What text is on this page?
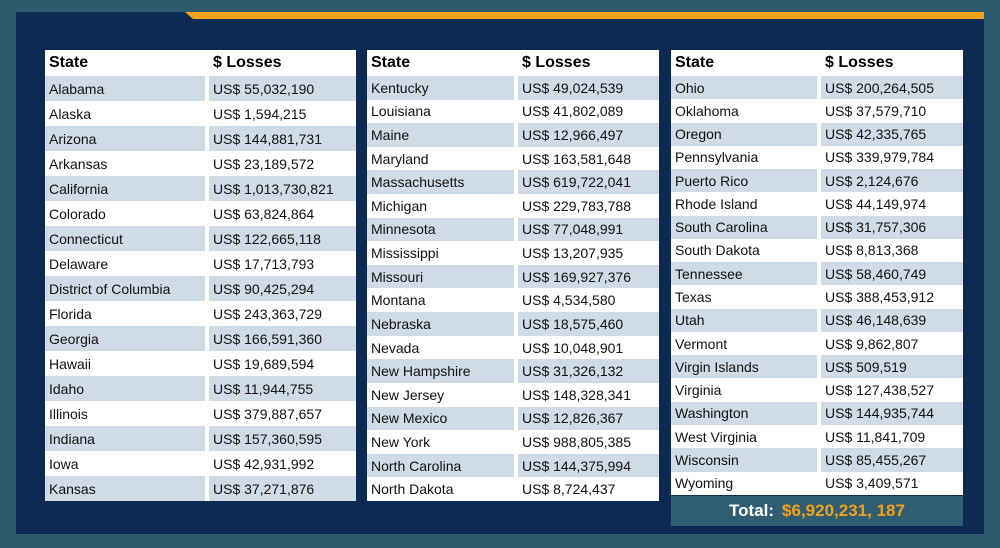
State	$ Losses
Alabama	US$ 55,032,190
Alaska	US$ 1,594,215
Arizona	US$ 144,881,731
Arkansas	US$ 23,189,572
California	US$ 1,013,730,821
Colorado	US$ 63,824,864
Connecticut	US$ 122,665,118
Delaware	US$ 17,713,793
District of Columbia	US$ 90,425,294
Florida	US$ 243,363,729
Georgia	US$ 166,591,360
Hawaii	US$ 19,689,594
Idaho	US$ 11,944,755
Illinois	US$ 379,887,657
Indiana	US$ 157,360,595
Iowa	US$ 42,931,992
Kansas	US$ 37,271,876
State	$ Losses
Kentucky	US$ 49,024,539
Louisiana	US$ 41,802,089
Maine	US$ 12,966,497
Maryland	US$ 163,581,648
Massachusetts	US$ 619,722,041
Michigan	US$ 229,783,788
Minnesota	US$ 77,048,991
Mississippi	US$ 13,207,935
Missouri	US$ 169,927,376
Montana	US$ 4,534,580
Nebraska	US$ 18,575,460
Nevada	US$ 10,048,901
New Hampshire	US$ 31,326,132
New Jersey	US$ 148,328,341
New Mexico	US$ 12,826,367
New York	US$ 988,805,385
North Carolina	US$ 144,375,994
North Dakota	US$ 8,724,437
State	$ Losses
Ohio	US$ 200,264,505
Oklahoma	US$ 37,579,710
Oregon	US$ 42,335,765
Pennsylvania	US$ 339,979,784
Puerto Rico	US$ 2,124,676
Rhode Island	US$ 44,149,974
South Carolina	US$ 31,757,306
South Dakota	US$ 8,813,368
Tennessee	US$ 58,460,749
Texas	US$ 388,453,912
Utah	US$ 46,148,639
Vermont	US$ 9,862,807
Virgin Islands	US$ 509,519
Virginia	US$ 127,438,527
Washington	US$ 144,935,744
West Virginia	US$ 11,841,709
Wisconsin	US$ 85,455,267
Wyoming	US$ 3,409,571
Total: $6,920,231, 187
